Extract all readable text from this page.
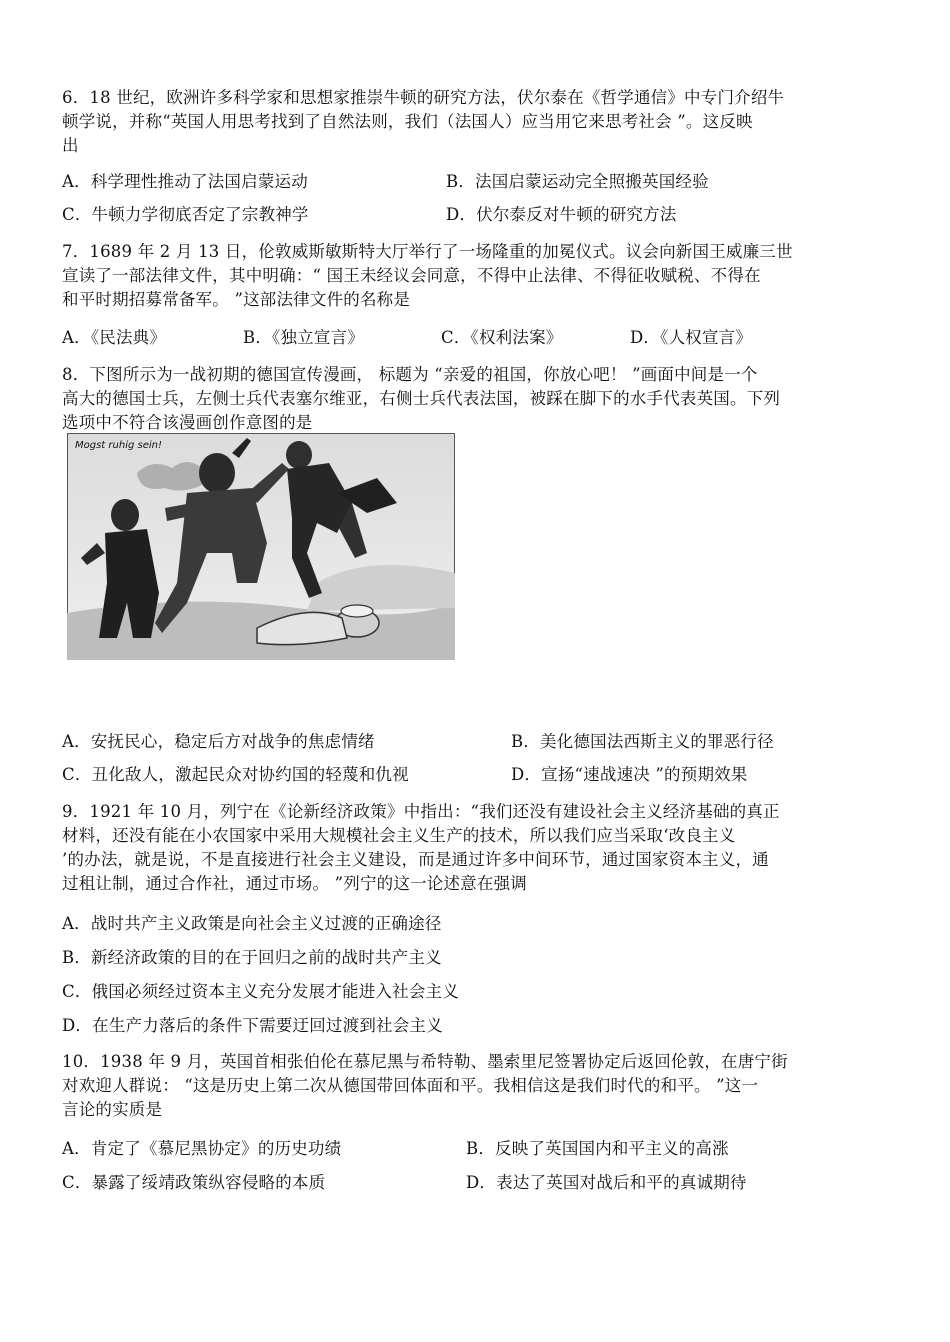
6．18 世纪，欧洲许多科学家和思想家推崇牛顿的研究方法，伏尔泰在《哲学通信》中专门介绍牛
顿学说，并称“英国人用思考找到了自然法则，我们（法国人）应当用它来思考社会 ”。这反映
出
A．科学理性推动了法国启蒙运动	B．法国启蒙运动完全照搬英国经验
C．牛顿力学彻底否定了宗教神学	D．伏尔泰反对牛顿的研究方法
7．1689 年 2 月 13 日，伦敦威斯敏斯特大厅举行了一场隆重的加冕仪式。议会向新国王威廉三世
宣读了一部法律文件，其中明确：“ 国王未经议会同意，不得中止法律、不得征收赋税、不得在
和平时期招募常备军。 ”这部法律文件的名称是
A．《民法典》	B．《独立宣言》	C．《权利法案》	D．《人权宣言》
8．下图所示为一战初期的德国宣传漫画， 标题为 “亲爱的祖国，你放心吧！ ”画面中间是一个
高大的德国士兵，左侧士兵代表塞尔维亚，右侧士兵代表法国，被踩在脚下的水手代表英国。下列
选项中不符合该漫画创作意图的是
Mogst ruhig sein!
A．安抚民心，稳定后方对战争的焦虑情绪	B．美化德国法西斯主义的罪恶行径
C．丑化敌人，激起民众对协约国的轻蔑和仇视	D．宣扬“速战速决 ”的预期效果
9．1921 年 10 月，列宁在《论新经济政策》中指出：“我们还没有建设社会主义经济基础的真正
材料，还没有能在小农国家中采用大规模社会主义生产的技术，所以我们应当采取‘改良主义
’的办法，就是说，不是直接进行社会主义建设，而是通过许多中间环节，通过国家资本主义，通
过租让制，通过合作社，通过市场。 ”列宁的这一论述意在强调
A．战时共产主义政策是向社会主义过渡的正确途径
B．新经济政策的目的在于回归之前的战时共产主义
C．俄国必须经过资本主义充分发展才能进入社会主义
D．在生产力落后的条件下需要迂回过渡到社会主义
10．1938 年 9 月，英国首相张伯伦在慕尼黑与希特勒、墨索里尼签署协定后返回伦敦，在唐宁街
对欢迎人群说： “这是历史上第二次从德国带回体面和平。我相信这是我们时代的和平。 ”这一
言论的实质是
A．肯定了《慕尼黑协定》的历史功绩	B．反映了英国国内和平主义的高涨
C．暴露了绥靖政策纵容侵略的本质	D．表达了英国对战后和平的真诚期待
